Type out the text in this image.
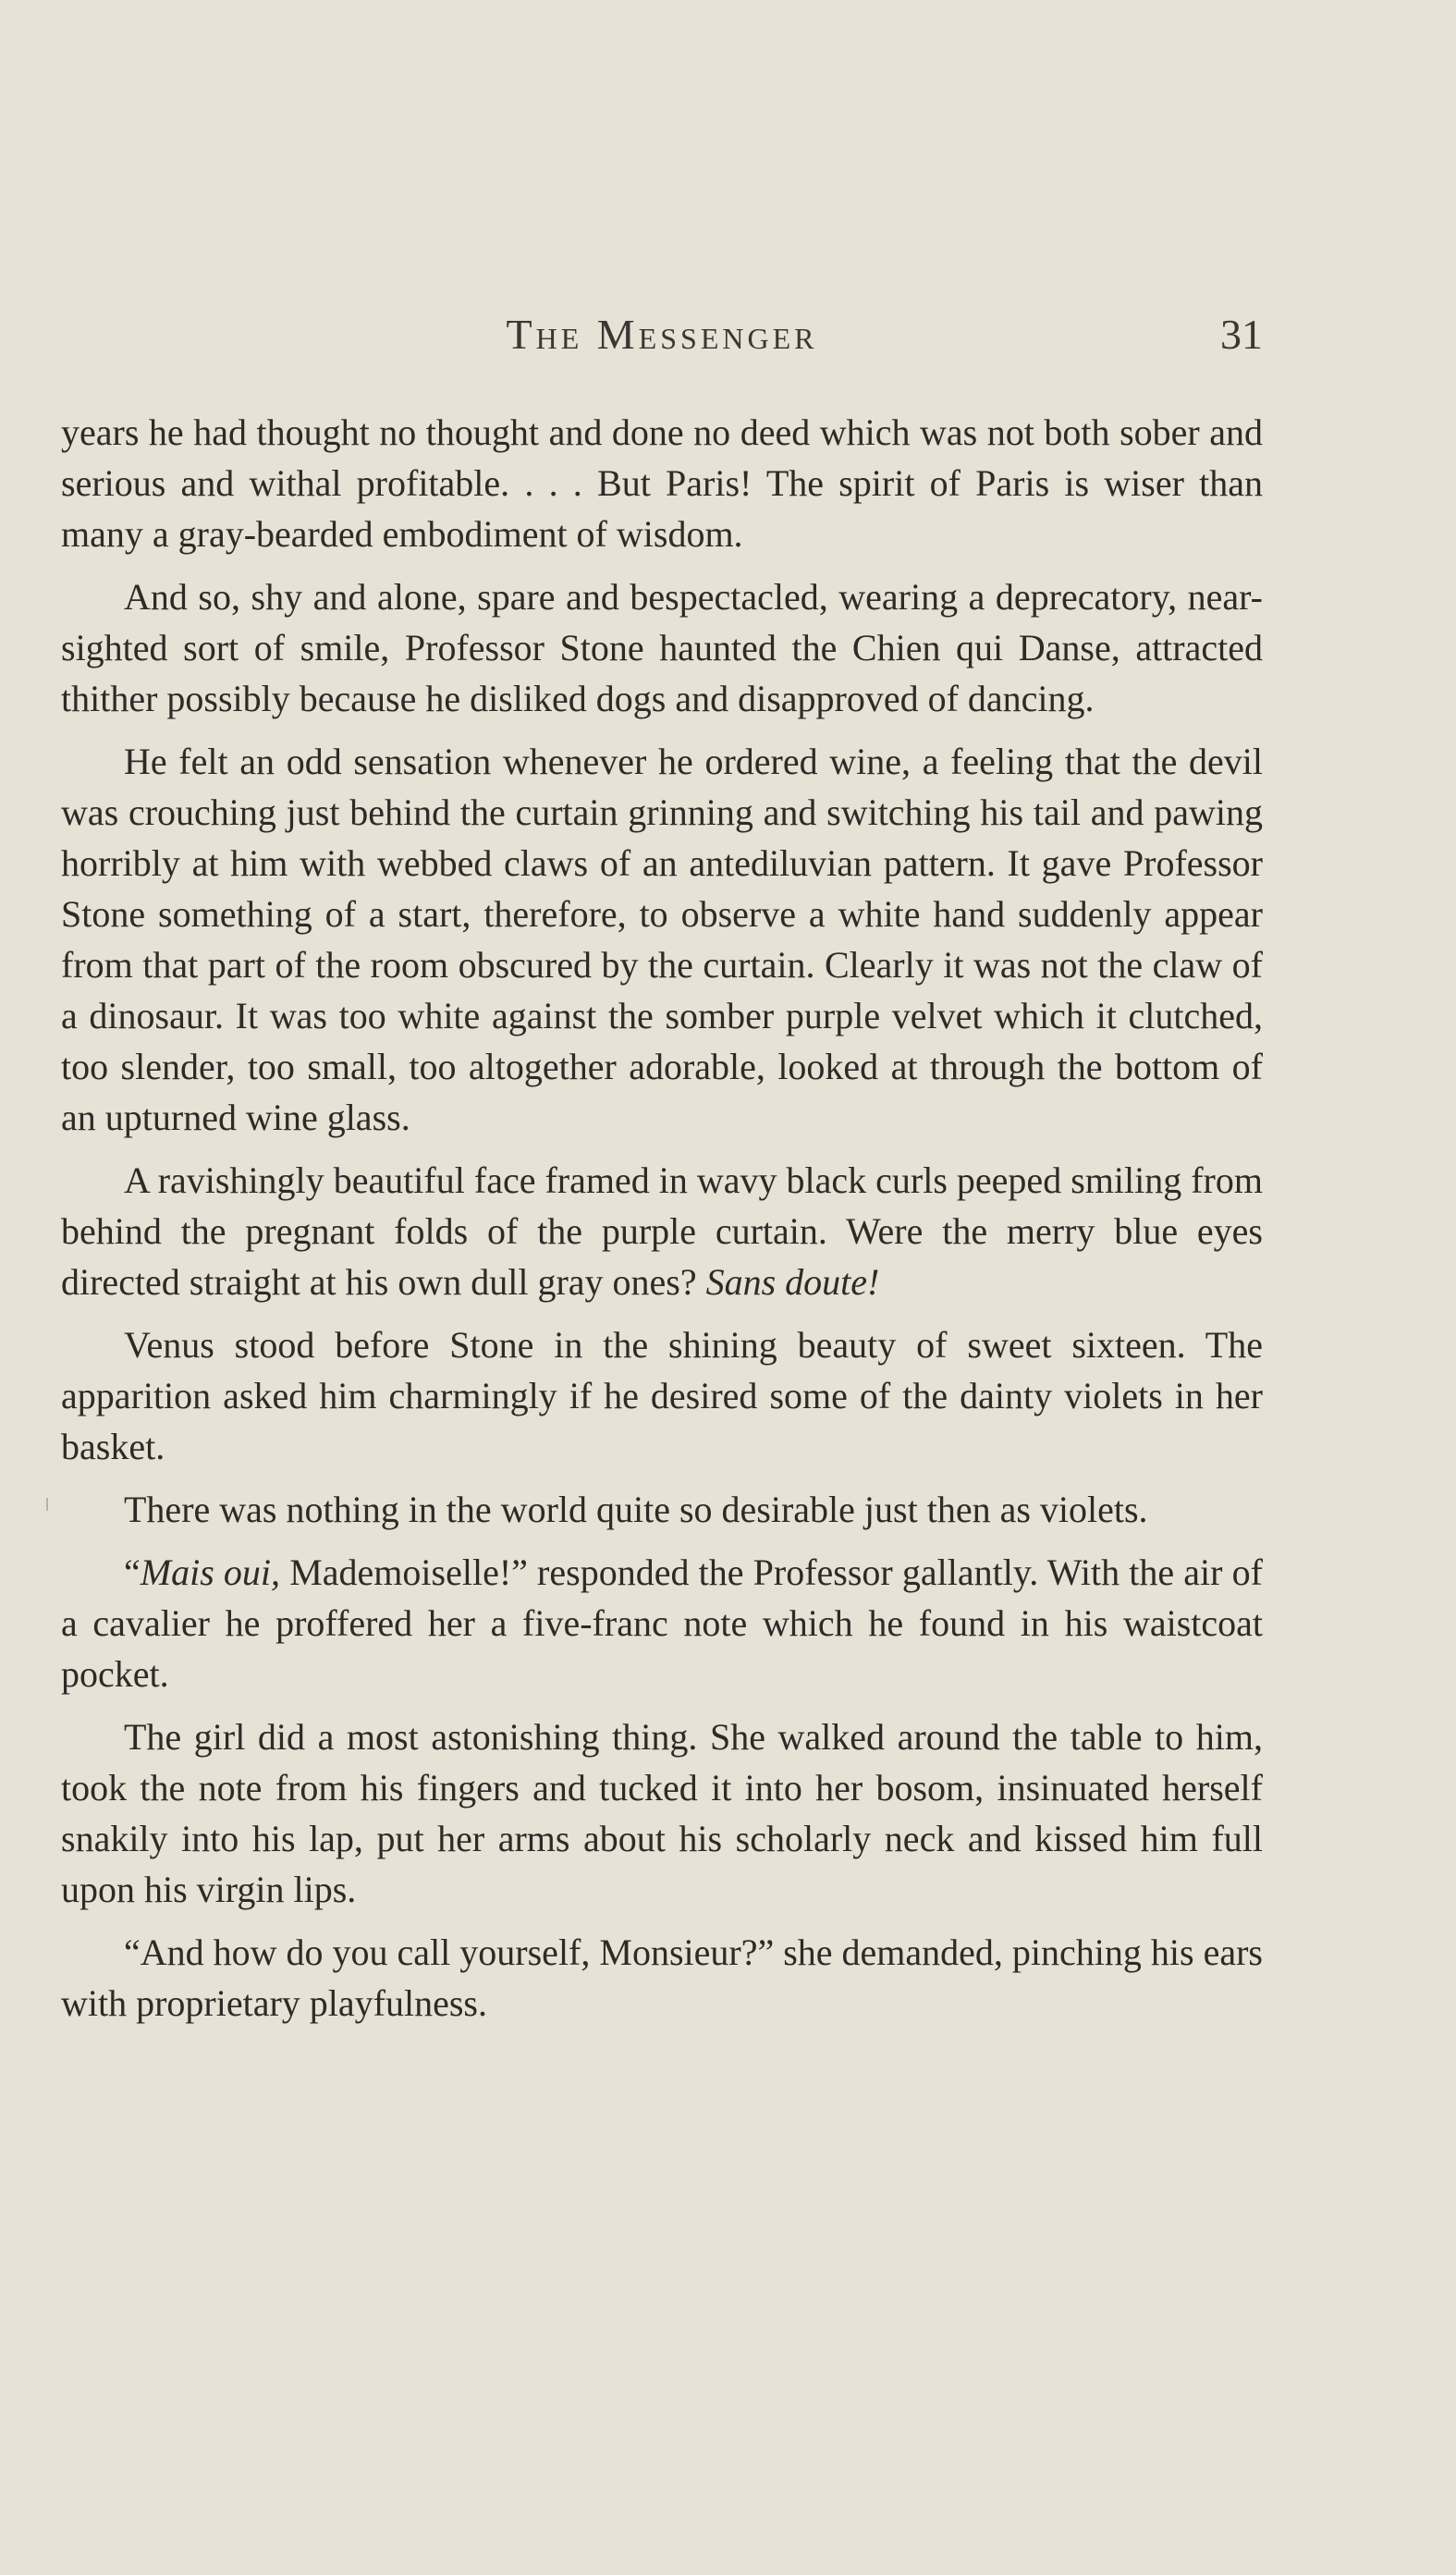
The Messenger	31

years he had thought no thought and done no deed which was not both sober and serious and withal profitable. . . . But Paris! The spirit of Paris is wiser than many a gray-bearded embodiment of wisdom.

And so, shy and alone, spare and bespectacled, wearing a deprecatory, near-sighted sort of smile, Professor Stone haunted the Chien qui Danse, attracted thither possibly because he disliked dogs and disapproved of dancing.

He felt an odd sensation whenever he ordered wine, a feeling that the devil was crouching just behind the curtain grinning and switching his tail and pawing horribly at him with webbed claws of an antediluvian pattern. It gave Professor Stone something of a start, therefore, to observe a white hand suddenly appear from that part of the room obscured by the curtain. Clearly it was not the claw of a dinosaur. It was too white against the somber purple velvet which it clutched, too slender, too small, too altogether adorable, looked at through the bottom of an upturned wine glass.

A ravishingly beautiful face framed in wavy black curls peeped smiling from behind the pregnant folds of the purple curtain. Were the merry blue eyes directed straight at his own dull gray ones? Sans doute!

Venus stood before Stone in the shining beauty of sweet sixteen. The apparition asked him charmingly if he desired some of the dainty violets in her basket.

There was nothing in the world quite so desirable just then as violets.

“Mais oui, Mademoiselle!” responded the Professor gallantly. With the air of a cavalier he proffered her a five-franc note which he found in his waistcoat pocket.

The girl did a most astonishing thing. She walked around the table to him, took the note from his fingers and tucked it into her bosom, insinuated herself snakily into his lap, put her arms about his scholarly neck and kissed him full upon his virgin lips.

“And how do you call yourself, Monsieur?” she demanded, pinching his ears with proprietary playfulness.
